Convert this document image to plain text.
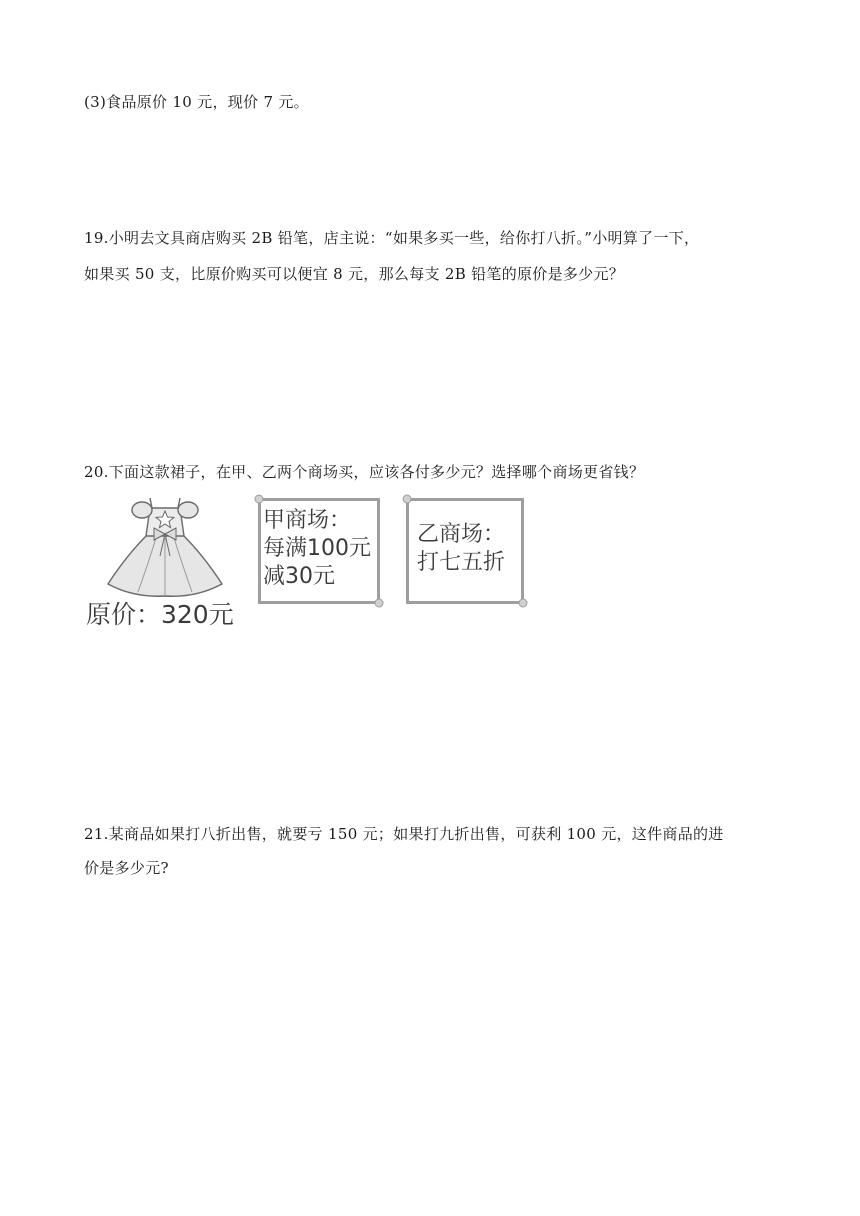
(3)食品原价 10 元，现价 7 元。
19.小明去文具商店购买 2B 铅笔，店主说：“如果多买一些，给你打八折。”小明算了一下，
如果买 50 支，比原价购买可以便宜 8 元，那么每支 2B 铅笔的原价是多少元？
20.下面这款裙子，在甲、乙两个商场买，应该各付多少元？选择哪个商场更省钱？
原价：320元
甲商场：
每满100元
减30元
乙商场：
打七五折
21.某商品如果打八折出售，就要亏 150 元；如果打九折出售，可获利 100 元，这件商品的进
价是多少元?
